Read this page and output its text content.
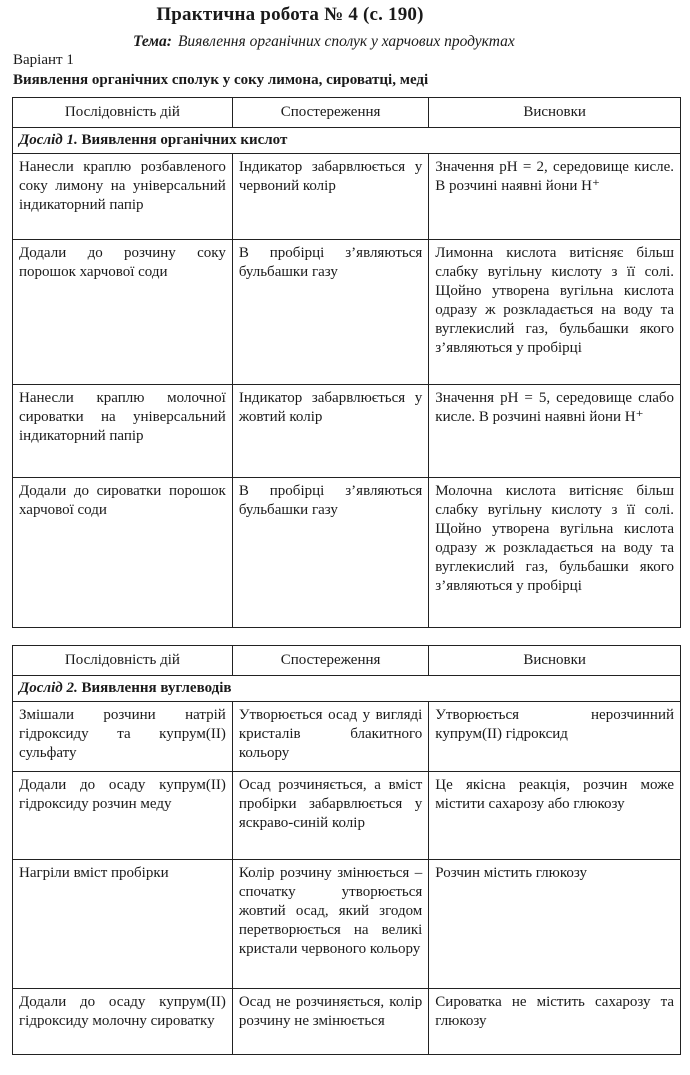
Практична робота № 4 (с. 190)
Тема: Виявлення органічних сполук у харчових продуктах
Варіант 1
Виявлення органічних сполук у соку лимона, сироватці, меді
Послідовність дій	Спостереження	Висновки
Дослід 1. Виявлення органічних кислот		
Нанесли краплю розбавленого соку лимону на універсальний індикаторний папір	Індикатор забарвлюється у червоний колір	Значення pH = 2, середовище кисле. В розчині наявні йони H⁺
Додали до розчину соку порошок харчової соди	В пробірці з’являються бульбашки газу	Лимонна кислота витісняє більш слабку вугільну кислоту з її солі. Щойно утворена вугільна кислота одразу ж розкладається на воду та вуглекислий газ, бульбашки якого з’являються у пробірці
Нанесли краплю молочної сироватки на універсальний індикаторний папір	Індикатор забарвлюється у жовтий колір	Значення pH = 5, середовище слабо кисле. В розчині наявні йони H⁺
Додали до сироватки порошок харчової соди	В пробірці з’являються бульбашки газу	Молочна кислота витісняє більш слабку вугільну кислоту з її солі. Щойно утворена вугільна кислота одразу ж розкладається на воду та вуглекислий газ, бульбашки якого з’являються у пробірці
Послідовність дій	Спостереження	Висновки
Дослід 2. Виявлення вуглеводів		
Змішали розчини натрій гідроксиду та купрум(II) сульфату	Утворюється осад у вигляді кристалів блакитного кольору	Утворюється нерозчинний купрум(II) гідроксид
Додали до осаду купрум(II) гідроксиду розчин меду	Осад розчиняється, а вміст пробірки забарвлюється у яскраво-синій колір	Це якісна реакція, розчин може містити сахарозу або глюкозу
Нагріли вміст пробірки	Колір розчину змінюється – спочатку утворюється жовтий осад, який згодом перетворюється на великі кристали червоного кольору	Розчин містить глюкозу
Додали до осаду купрум(II) гідроксиду молочну сироватку	Осад не розчиняється, колір розчину не змінюється	Сироватка не містить сахарозу та глюкозу
